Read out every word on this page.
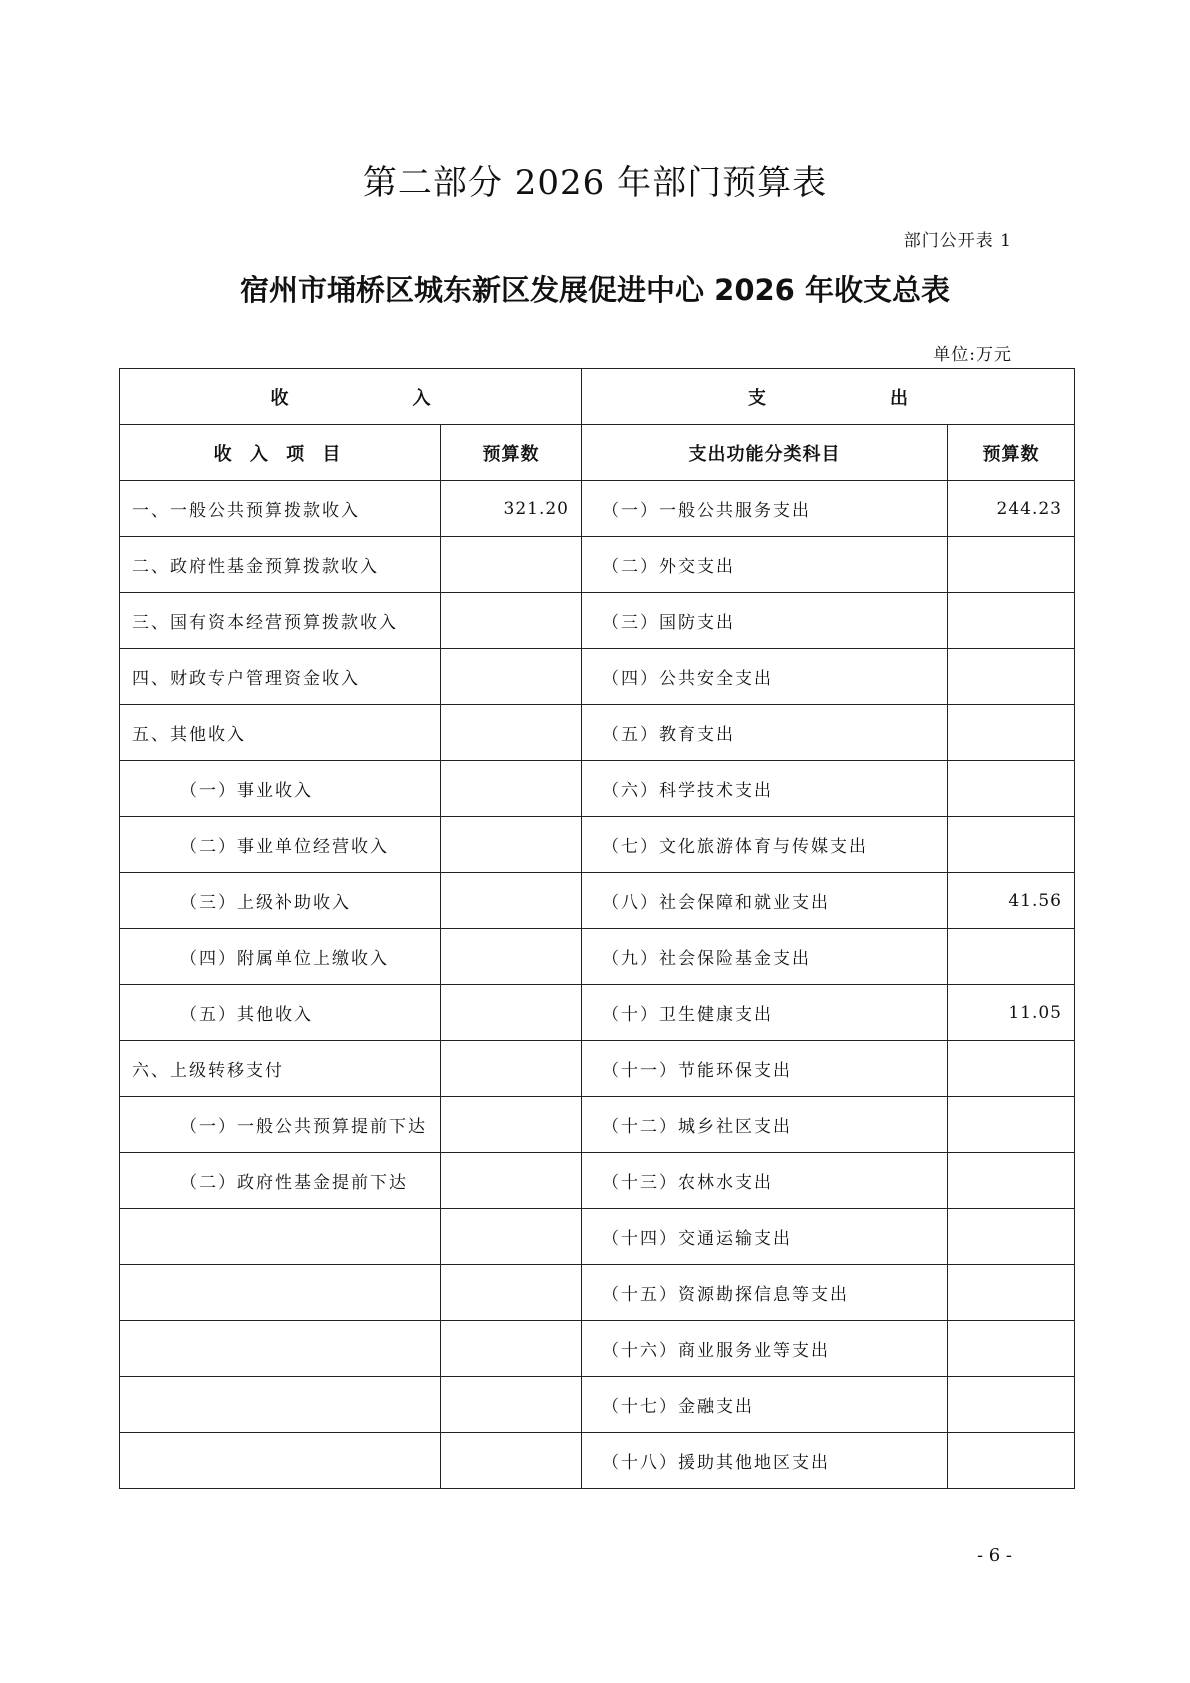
第二部分 2026 年部门预算表
部门公开表 1
宿州市埇桥区城东新区发展促进中心 2026 年收支总表
单位:万元
收入		支出	
收 入 项 目	预算数	支出功能分类科目	预算数
一、一般公共预算拨款收入	321.20	（一）一般公共服务支出	244.23
二、政府性基金预算拨款收入		（二）外交支出	
三、国有资本经营预算拨款收入		（三）国防支出	
四、财政专户管理资金收入		（四）公共安全支出	
五、其他收入		（五）教育支出	
（一）事业收入		（六）科学技术支出	
（二）事业单位经营收入		（七）文化旅游体育与传媒支出	
（三）上级补助收入		（八）社会保障和就业支出	41.56
（四）附属单位上缴收入		（九）社会保险基金支出	
（五）其他收入		（十）卫生健康支出	11.05
六、上级转移支付		（十一）节能环保支出	
（一）一般公共预算提前下达		（十二）城乡社区支出	
（二）政府性基金提前下达		（十三）农林水支出	
		（十四）交通运输支出	
		（十五）资源勘探信息等支出	
		（十六）商业服务业等支出	
		（十七）金融支出	
		（十八）援助其他地区支出	
- 6 -
